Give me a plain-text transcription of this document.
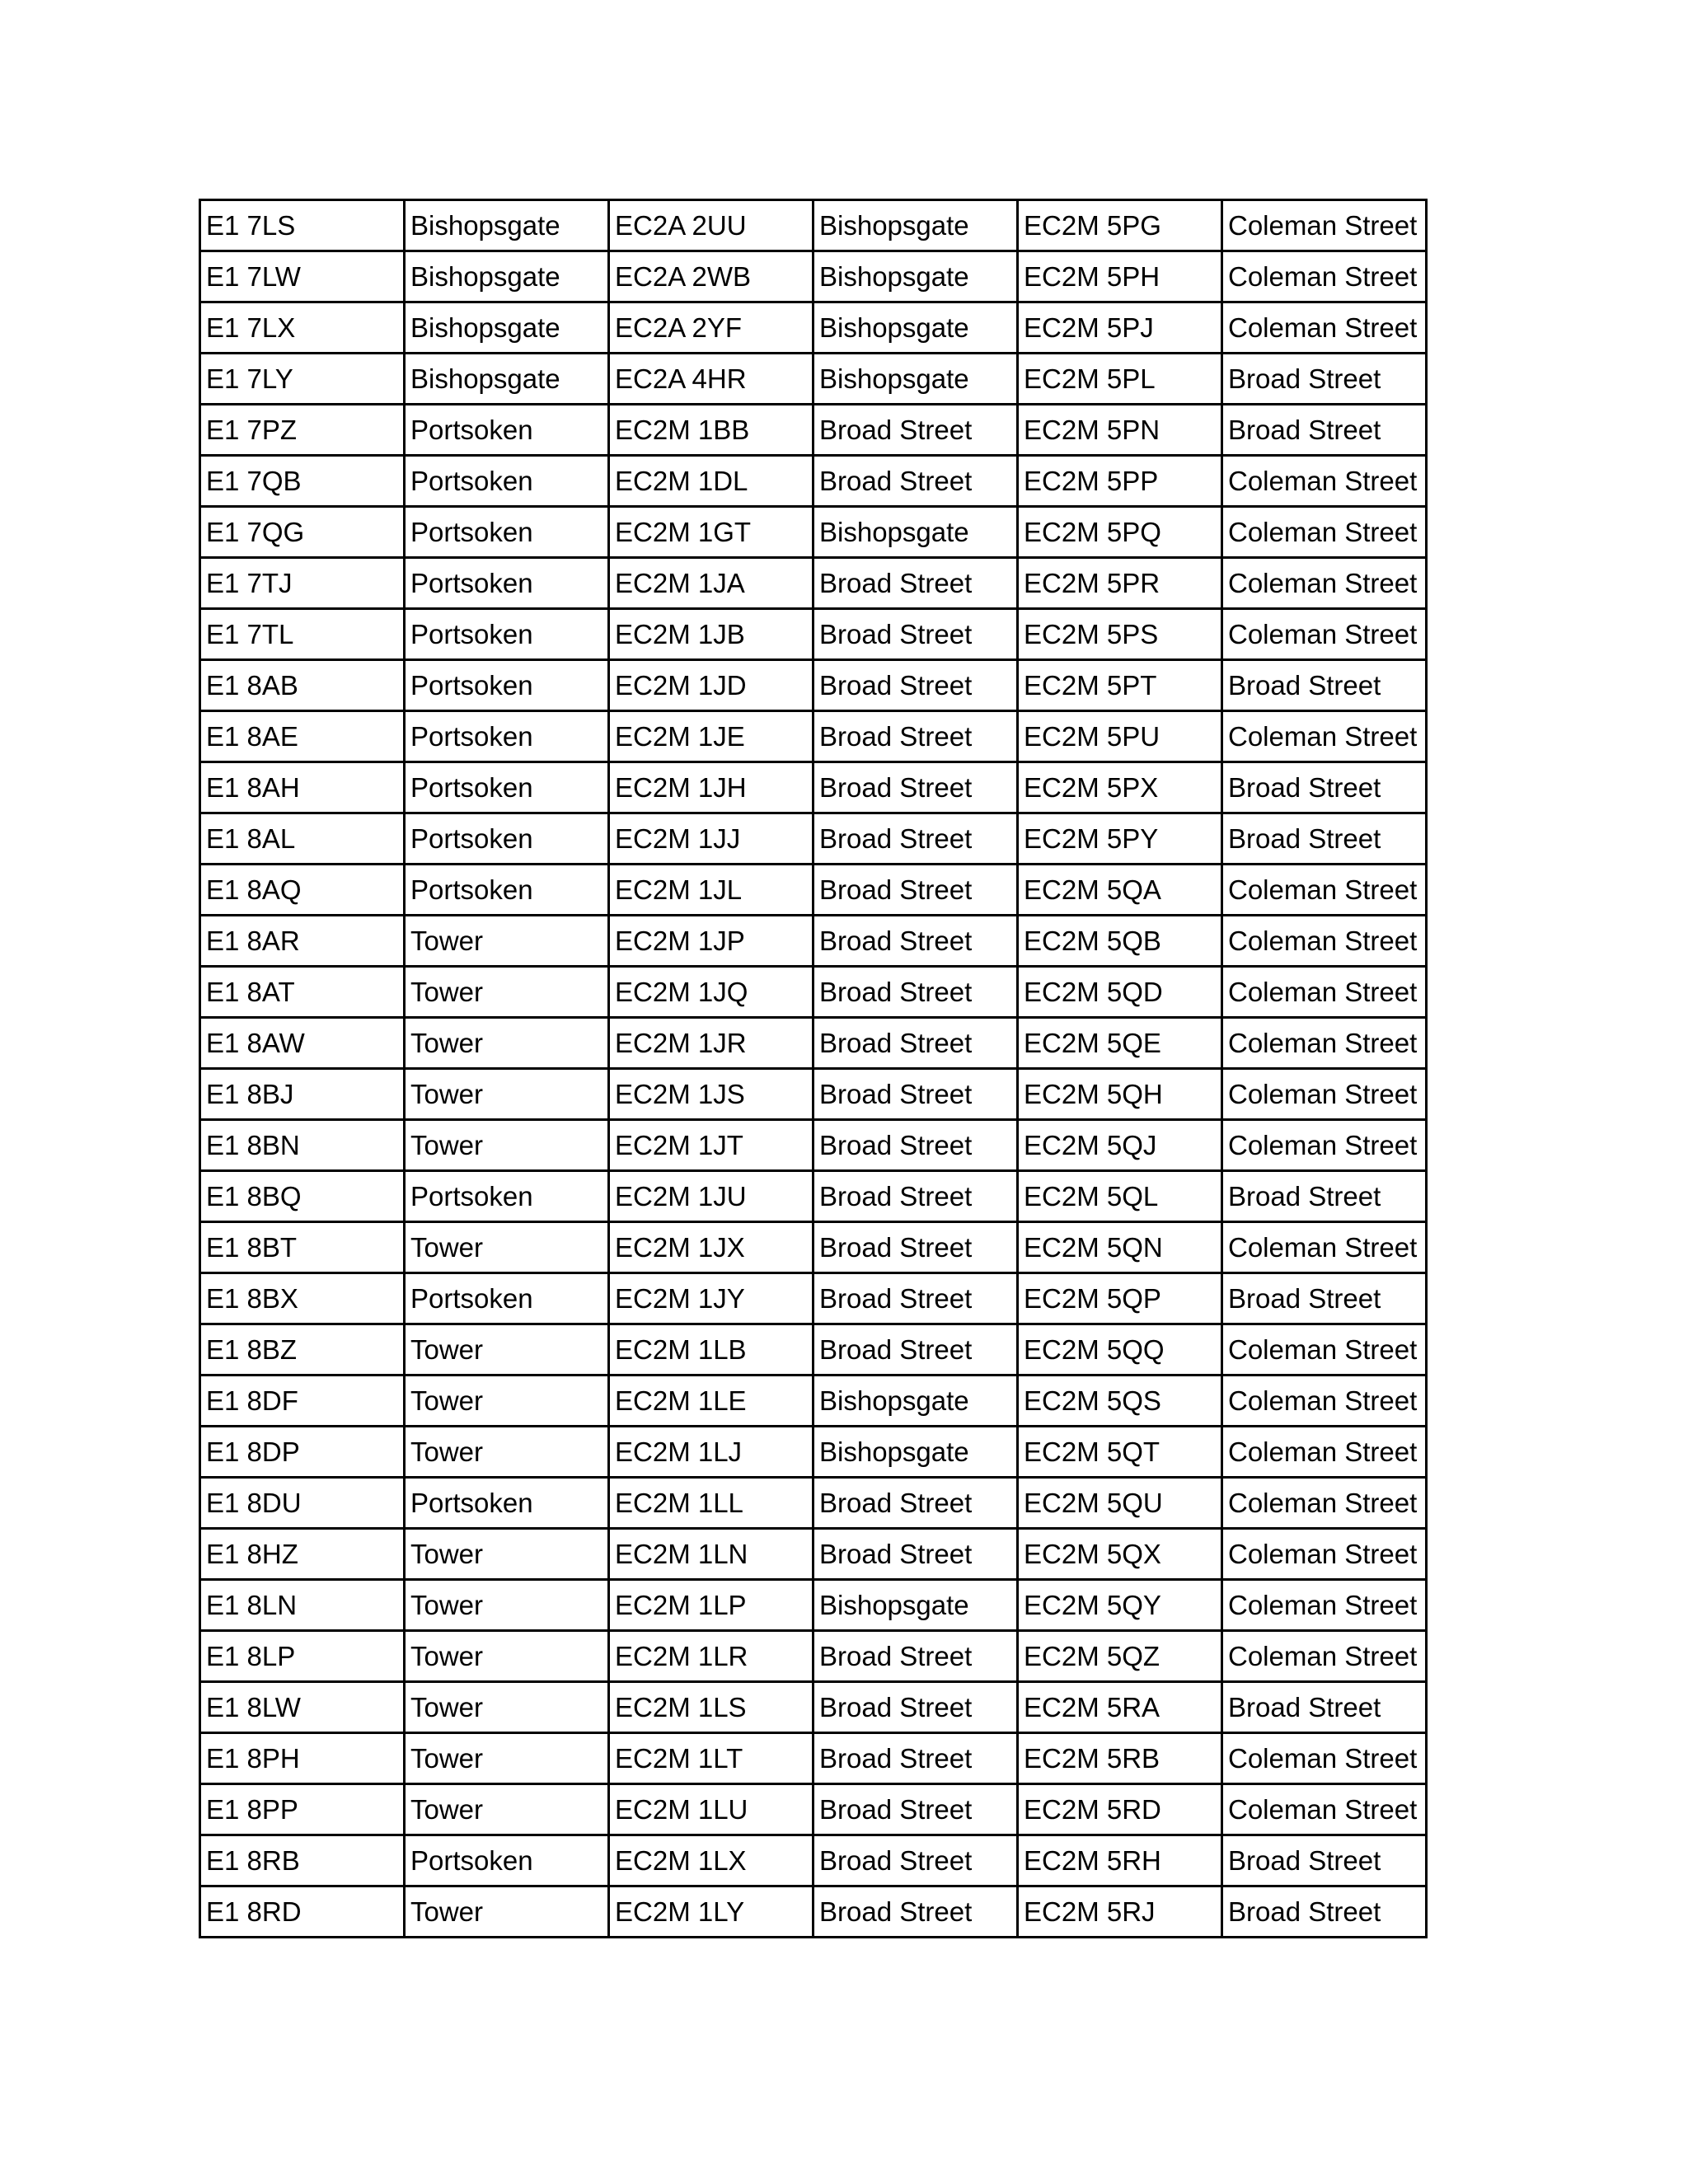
E1 7LS	Bishopsgate	EC2A 2UU	Bishopsgate	EC2M 5PG	Coleman Street
E1 7LW	Bishopsgate	EC2A 2WB	Bishopsgate	EC2M 5PH	Coleman Street
E1 7LX	Bishopsgate	EC2A 2YF	Bishopsgate	EC2M 5PJ	Coleman Street
E1 7LY	Bishopsgate	EC2A 4HR	Bishopsgate	EC2M 5PL	Broad Street
E1 7PZ	Portsoken	EC2M 1BB	Broad Street	EC2M 5PN	Broad Street
E1 7QB	Portsoken	EC2M 1DL	Broad Street	EC2M 5PP	Coleman Street
E1 7QG	Portsoken	EC2M 1GT	Bishopsgate	EC2M 5PQ	Coleman Street
E1 7TJ	Portsoken	EC2M 1JA	Broad Street	EC2M 5PR	Coleman Street
E1 7TL	Portsoken	EC2M 1JB	Broad Street	EC2M 5PS	Coleman Street
E1 8AB	Portsoken	EC2M 1JD	Broad Street	EC2M 5PT	Broad Street
E1 8AE	Portsoken	EC2M 1JE	Broad Street	EC2M 5PU	Coleman Street
E1 8AH	Portsoken	EC2M 1JH	Broad Street	EC2M 5PX	Broad Street
E1 8AL	Portsoken	EC2M 1JJ	Broad Street	EC2M 5PY	Broad Street
E1 8AQ	Portsoken	EC2M 1JL	Broad Street	EC2M 5QA	Coleman Street
E1 8AR	Tower	EC2M 1JP	Broad Street	EC2M 5QB	Coleman Street
E1 8AT	Tower	EC2M 1JQ	Broad Street	EC2M 5QD	Coleman Street
E1 8AW	Tower	EC2M 1JR	Broad Street	EC2M 5QE	Coleman Street
E1 8BJ	Tower	EC2M 1JS	Broad Street	EC2M 5QH	Coleman Street
E1 8BN	Tower	EC2M 1JT	Broad Street	EC2M 5QJ	Coleman Street
E1 8BQ	Portsoken	EC2M 1JU	Broad Street	EC2M 5QL	Broad Street
E1 8BT	Tower	EC2M 1JX	Broad Street	EC2M 5QN	Coleman Street
E1 8BX	Portsoken	EC2M 1JY	Broad Street	EC2M 5QP	Broad Street
E1 8BZ	Tower	EC2M 1LB	Broad Street	EC2M 5QQ	Coleman Street
E1 8DF	Tower	EC2M 1LE	Bishopsgate	EC2M 5QS	Coleman Street
E1 8DP	Tower	EC2M 1LJ	Bishopsgate	EC2M 5QT	Coleman Street
E1 8DU	Portsoken	EC2M 1LL	Broad Street	EC2M 5QU	Coleman Street
E1 8HZ	Tower	EC2M 1LN	Broad Street	EC2M 5QX	Coleman Street
E1 8LN	Tower	EC2M 1LP	Bishopsgate	EC2M 5QY	Coleman Street
E1 8LP	Tower	EC2M 1LR	Broad Street	EC2M 5QZ	Coleman Street
E1 8LW	Tower	EC2M 1LS	Broad Street	EC2M 5RA	Broad Street
E1 8PH	Tower	EC2M 1LT	Broad Street	EC2M 5RB	Coleman Street
E1 8PP	Tower	EC2M 1LU	Broad Street	EC2M 5RD	Coleman Street
E1 8RB	Portsoken	EC2M 1LX	Broad Street	EC2M 5RH	Broad Street
E1 8RD	Tower	EC2M 1LY	Broad Street	EC2M 5RJ	Broad Street
